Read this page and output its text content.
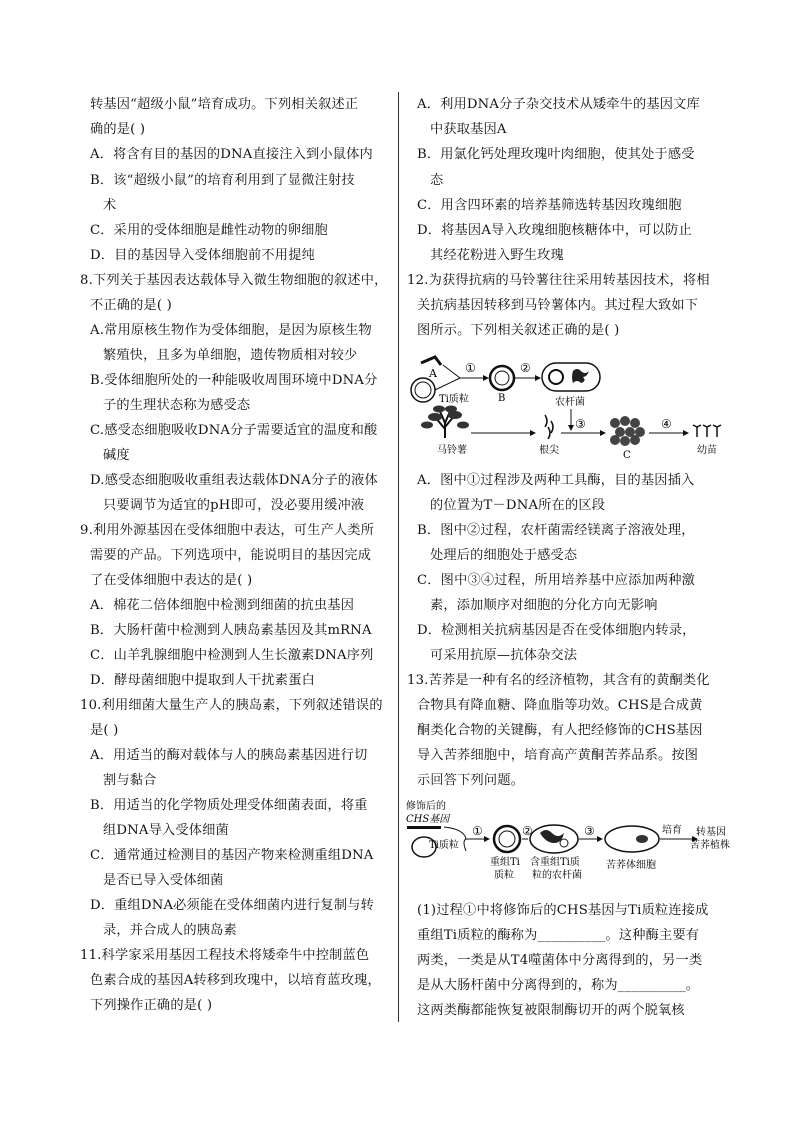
转基因“超级小鼠”培育成功。下列相关叙述正
确的是( )
A．将含有目的基因的DNA直接注入到小鼠体内
B．该“超级小鼠”的培育利用到了显微注射技
术
C．采用的受体细胞是雌性动物的卵细胞
D．目的基因导入受体细胞前不用提纯
8.下列关于基因表达载体导入微生物细胞的叙述中，
不正确的是( )
A.常用原核生物作为受体细胞，是因为原核生物
繁殖快，且多为单细胞，遗传物质相对较少
B.受体细胞所处的一种能吸收周围环境中DNA分
子的生理状态称为感受态
C.感受态细胞吸收DNA分子需要适宜的温度和酸
碱度
D.感受态细胞吸收重组表达载体DNA分子的液体
只要调节为适宜的pH即可，没必要用缓冲液
9.利用外源基因在受体细胞中表达，可生产人类所
需要的产品。下列选项中，能说明目的基因完成
了在受体细胞中表达的是( )
A．棉花二倍体细胞中检测到细菌的抗虫基因
B．大肠杆菌中检测到人胰岛素基因及其mRNA
C．山羊乳腺细胞中检测到人生长激素DNA序列
D．酵母菌细胞中提取到人干扰素蛋白
10.利用细菌大量生产人的胰岛素，下列叙述错误的
是( )
A．用适当的酶对载体与人的胰岛素基因进行切
割与黏合
B．用适当的化学物质处理受体细菌表面，将重
组DNA导入受体细菌
C．通常通过检测目的基因产物来检测重组DNA
是否已导入受体细菌
D．重组DNA必须能在受体细菌内进行复制与转
录，并合成人的胰岛素
11.科学家采用基因工程技术将矮牵牛中控制蓝色
色素合成的基因A转移到玫瑰中，以培育蓝玫瑰，
下列操作正确的是( )
A．利用DNA分子杂交技术从矮牵牛的基因文库
中获取基因A
B．用氯化钙处理玫瑰叶肉细胞，使其处于感受
态
C．用含四环素的培养基筛选转基因玫瑰细胞
D．将基因A导入玫瑰细胞核糖体中，可以防止
其经花粉进入野生玫瑰
12.为获得抗病的马铃薯往往采用转基因技术，将相
关抗病基因转移到马铃薯体内。其过程大致如下
图所示。下列相关叙述正确的是( )
A
Ti质粒
①
B
②
农杆菌
马铃薯	根尖
③
C
④
幼苗
A．图中①过程涉及两种工具酶，目的基因插入
的位置为T－DNA所在的区段
B．图中②过程，农杆菌需经镁离子溶液处理，
处理后的细胞处于感受态
C．图中③④过程，所用培养基中应添加两种激
素，添加顺序对细胞的分化方向无影响
D．检测相关抗病基因是否在受体细胞内转录，
可采用抗原—抗体杂交法
13.苦荞是一种有名的经济植物，其含有的黄酮类化
合物具有降血糖、降血脂等功效。CHS是合成黄
酮类化合物的关键酶，有人把经修饰的CHS基因
导入苦荞细胞中，培育高产黄酮苦荞品系。按图
示回答下列问题。
修饰后的
CHS基因
Ti质粒
①
重组Ti
质粒
②
含重组Ti质
粒的农杆菌
③
苦荞体细胞
培育 转基因
苦荞植株
(1)过程①中将修饰后的CHS基因与Ti质粒连接成
重组Ti质粒的酶称为__________。这种酶主要有
两类，一类是从T4噬菌体中分离得到的，另一类
是从大肠杆菌中分离得到的，称为__________。
这两类酶都能恢复被限制酶切开的两个脱氧核
